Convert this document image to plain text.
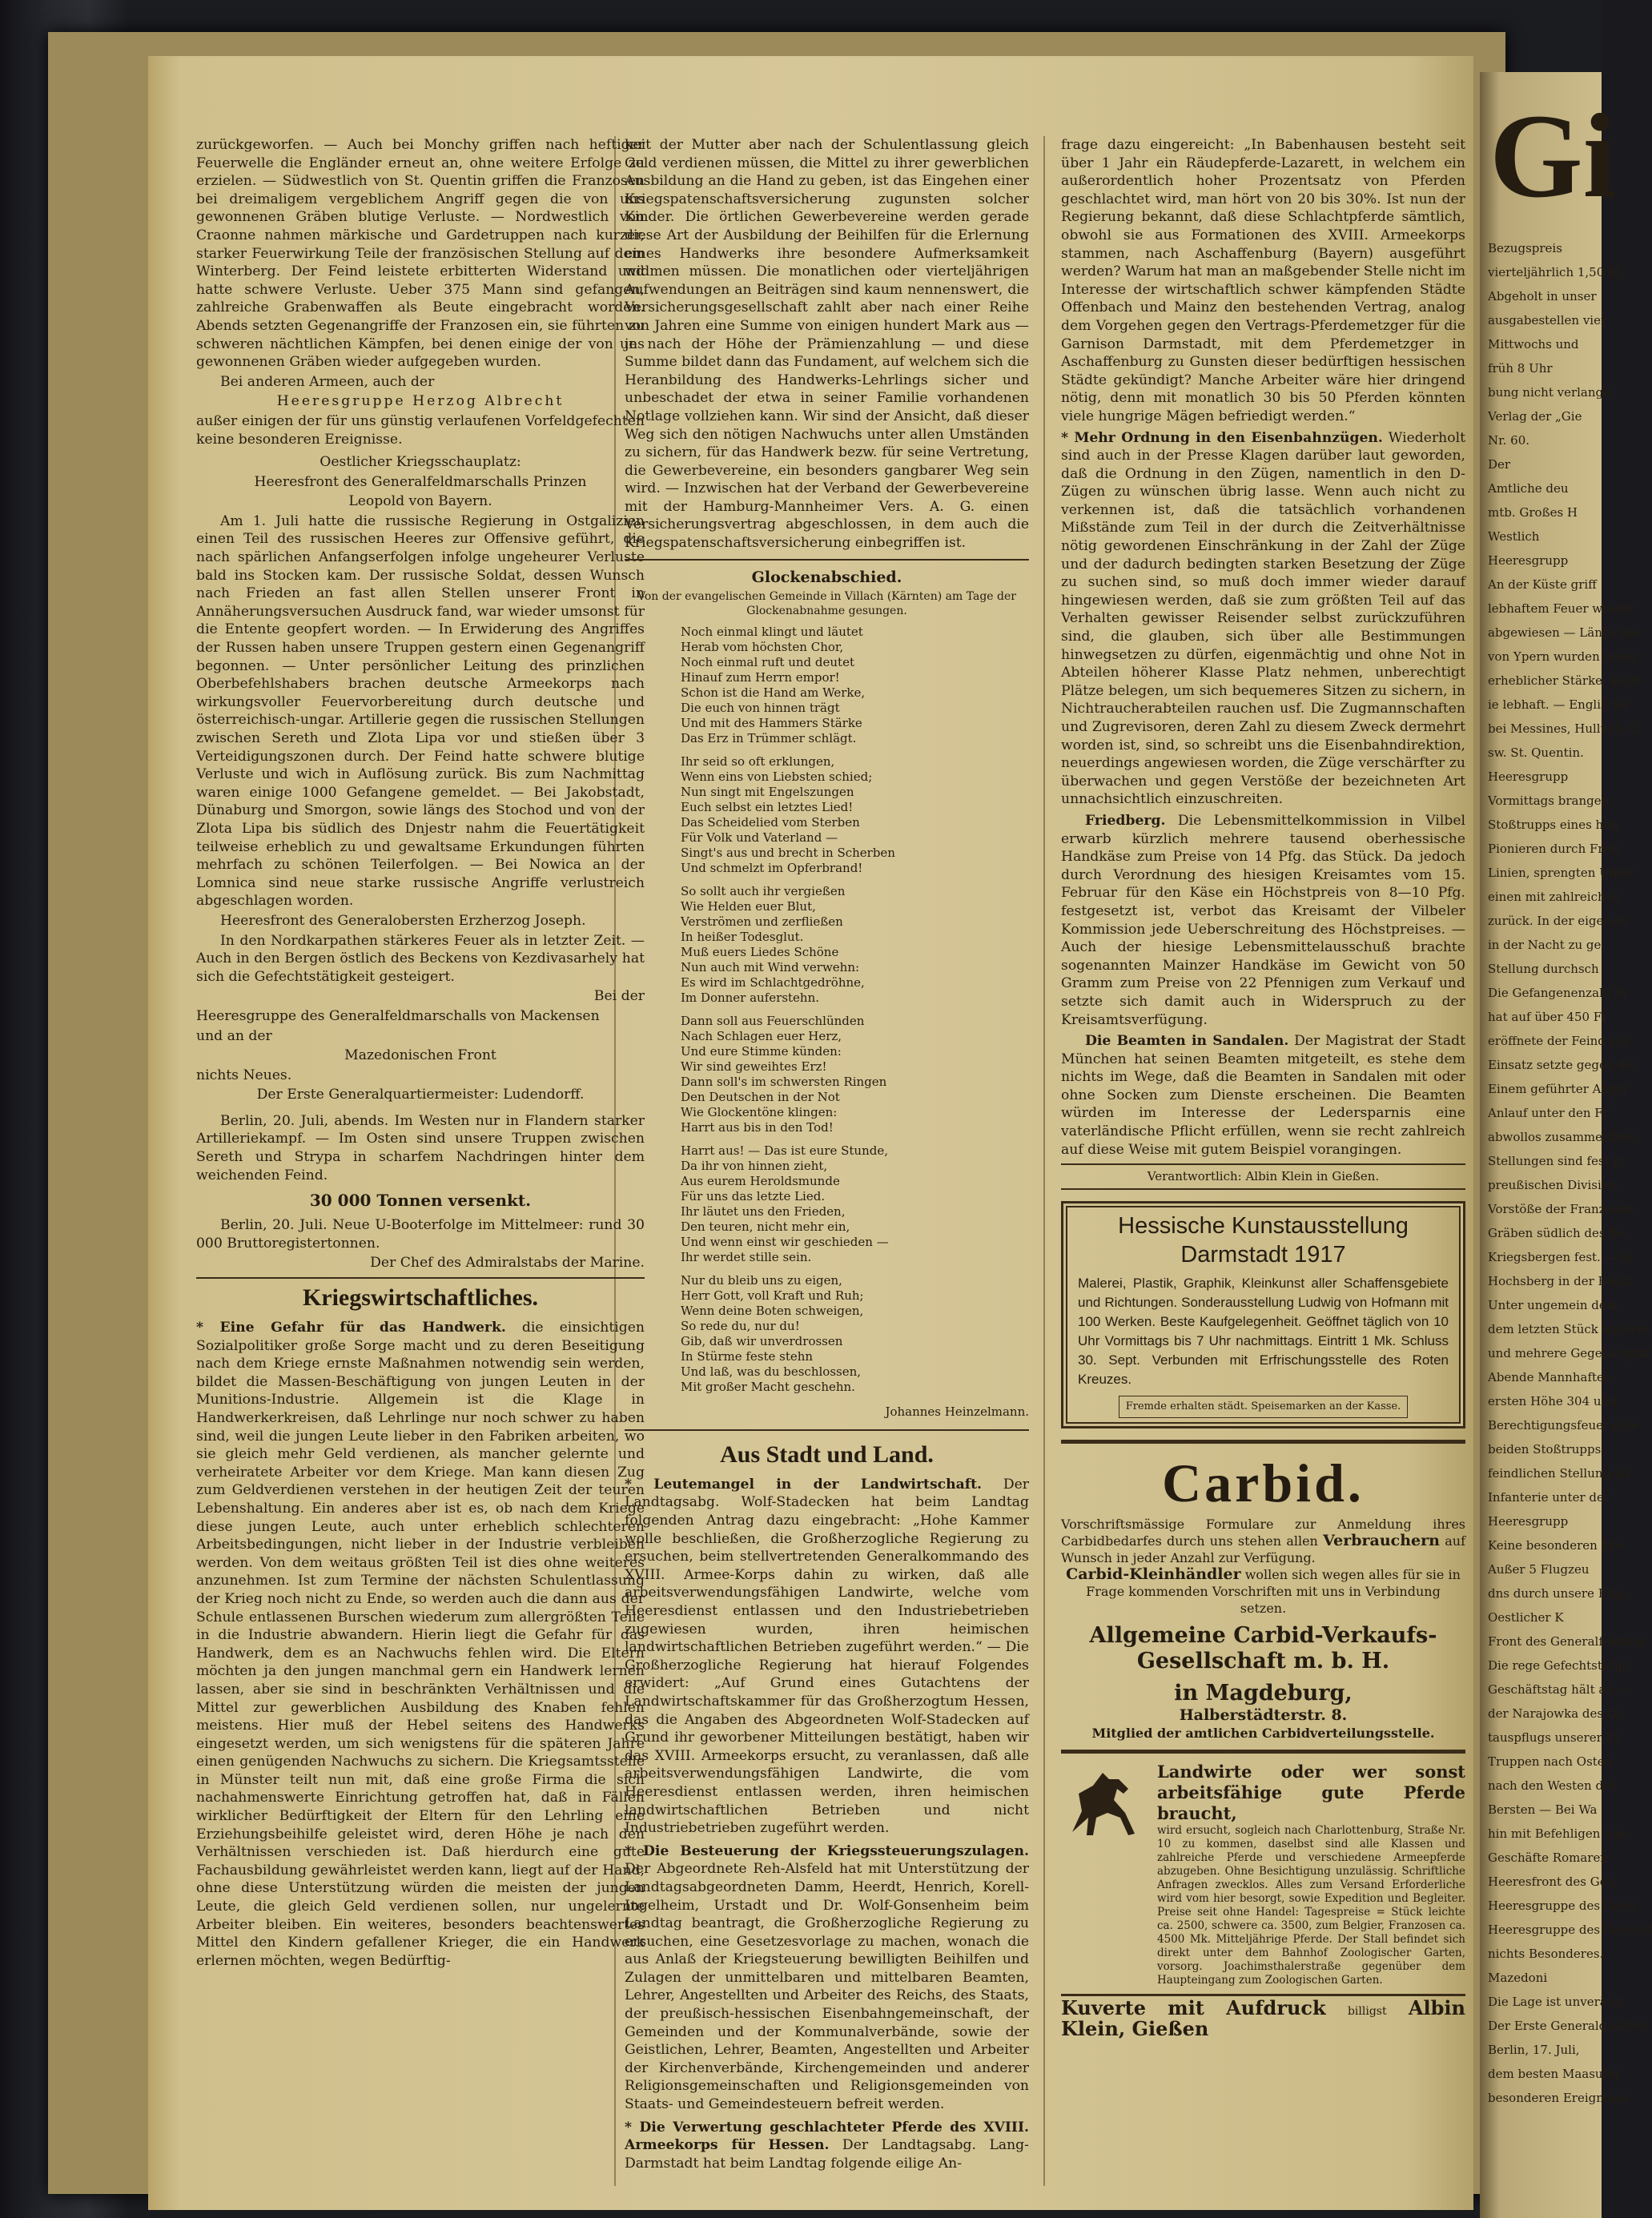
zurückgeworfen. — Auch bei Monchy griffen nach heftiger Feuerwelle die Engländer erneut an, ohne weitere Erfolge zu erzielen. — Südwestlich von St. Quentin griffen die Franzosen bei dreimaligem vergeblichem Angriff gegen die von uns gewonnenen Gräben blutige Verluste. — Nordwestlich von Craonne nahmen märkische und Gardetruppen nach kurzer, starker Feuerwirkung Teile der französischen Stellung auf dem Winterberg. Der Feind leistete erbitterten Widerstand und hatte schwere Verluste. Ueber 375 Mann sind gefangen, zahlreiche Grabenwaffen als Beute eingebracht worden. Abends setzten Gegenangriffe der Franzosen ein, sie führten zu schweren nächtlichen Kämpfen, bei denen einige der von uns gewonnenen Gräben wieder aufgegeben wurden.

Bei anderen Armeen, auch der

Heeresgruppe Herzog Albrecht

außer einigen der für uns günstig verlaufenen Vorfeldgefechten keine besonderen Ereignisse.

Oestlicher Kriegsschauplatz:

Heeresfront des Generalfeldmarschalls Prinzen

Leopold von Bayern.

Am 1. Juli hatte die russische Regierung in Ostgalizien einen Teil des russischen Heeres zur Offensive geführt, die nach spärlichen Anfangserfolgen infolge ungeheurer Verluste bald ins Stocken kam. Der russische Soldat, dessen Wunsch nach Frieden an fast allen Stellen unserer Front in Annäherungsversuchen Ausdruck fand, war wieder umsonst für die Entente geopfert worden. — In Erwiderung des Angriffes der Russen haben unsere Truppen gestern einen Gegenangriff begonnen. — Unter persönlicher Leitung des prinzlichen Oberbefehlshabers brachen deutsche Armeekorps nach wirkungsvoller Feuervorbereitung durch deutsche und österreichisch-ungar. Artillerie gegen die russischen Stellungen zwischen Sereth und Zlota Lipa vor und stießen über 3 Verteidigungszonen durch. Der Feind hatte schwere blutige Verluste und wich in Auflösung zurück. Bis zum Nachmittag waren einige 1000 Gefangene gemeldet. — Bei Jakobstadt, Dünaburg und Smorgon, sowie längs des Stochod und von der Zlota Lipa bis südlich des Dnjestr nahm die Feuertätigkeit teilweise erheblich zu und gewaltsame Erkundungen führten mehrfach zu schönen Teilerfolgen. — Bei Nowica an der Lomnica sind neue starke russische Angriffe verlustreich abgeschlagen worden.

Heeresfront des Generalobersten Erzherzog Joseph.

In den Nordkarpathen stärkeres Feuer als in letzter Zeit. — Auch in den Bergen östlich des Beckens von Kezdivasarhely hat sich die Gefechtstätigkeit gesteigert.

Bei der

Heeresgruppe des Generalfeldmarschalls von Mackensen

und an der

Mazedonischen Front

nichts Neues.

Der Erste Generalquartiermeister: Ludendorff.

Berlin, 20. Juli, abends. Im Westen nur in Flandern starker Artilleriekampf. — Im Osten sind unsere Truppen zwischen Sereth und Strypa in scharfem Nachdringen hinter dem weichenden Feind.

30 000 Tonnen versenkt.

Berlin, 20. Juli. Neue U-Booterfolge im Mittelmeer: rund 30 000 Bruttoregistertonnen.

Der Chef des Admiralstabs der Marine.

Kriegswirtschaftliches.

* Eine Gefahr für das Handwerk. die einsichtigen Sozialpolitiker große Sorge macht und zu deren Beseitigung nach dem Kriege ernste Maßnahmen notwendig sein werden, bildet die Massen-Beschäftigung von jungen Leuten in der Munitions-Industrie. Allgemein ist die Klage in Handwerkerkreisen, daß Lehrlinge nur noch schwer zu haben sind, weil die jungen Leute lieber in den Fabriken arbeiten, wo sie gleich mehr Geld verdienen, als mancher gelernte und verheiratete Arbeiter vor dem Kriege. Man kann diesen Zug zum Geldverdienen verstehen in der heutigen Zeit der teuren Lebenshaltung. Ein anderes aber ist es, ob nach dem Kriege diese jungen Leute, auch unter erheblich schlechteren Arbeitsbedingungen, nicht lieber in der Industrie verbleiben werden. Von dem weitaus größten Teil ist dies ohne weiteres anzunehmen. Ist zum Termine der nächsten Schulentlassung der Krieg noch nicht zu Ende, so werden auch die dann aus der Schule entlassenen Burschen wiederum zum allergrößten Teile in die Industrie abwandern. Hierin liegt die Gefahr für das Handwerk, dem es an Nachwuchs fehlen wird. Die Eltern möchten ja den jungen manchmal gern ein Handwerk lernen lassen, aber sie sind in beschränkten Verhältnissen und die Mittel zur gewerblichen Ausbildung des Knaben fehlen meistens. Hier muß der Hebel seitens des Handwerks eingesetzt werden, um sich wenigstens für die späteren Jahre einen genügenden Nachwuchs zu sichern. Die Kriegsamtsstelle in Münster teilt nun mit, daß eine große Firma die sich nachahmenswerte Einrichtung getroffen hat, daß in Fällen wirklicher Bedürftigkeit der Eltern für den Lehrling eine Erziehungsbeihilfe geleistet wird, deren Höhe je nach den Verhältnissen verschieden ist. Daß hierdurch eine gute Fachausbildung gewährleistet werden kann, liegt auf der Hand, ohne diese Unterstützung würden die meisten der jungen Leute, die gleich Geld verdienen sollen, nur ungelernte Arbeiter bleiben. Ein weiteres, besonders beachtenswertes Mittel den Kindern gefallener Krieger, die ein Handwerk erlernen möchten, wegen Bedürftig-

keit der Mutter aber nach der Schulentlassung gleich Geld verdienen müssen, die Mittel zu ihrer gewerblichen Ausbildung an die Hand zu geben, ist das Eingehen einer Kriegspatenschaftsversicherung zugunsten solcher Kinder. Die örtlichen Gewerbevereine werden gerade diese Art der Ausbildung der Beihilfen für die Erlernung eines Handwerks ihre besondere Aufmerksamkeit widmen müssen. Die monatlichen oder vierteljährigen Aufwendungen an Beiträgen sind kaum nennenswert, die Versicherungsgesellschaft zahlt aber nach einer Reihe von Jahren eine Summe von einigen hundert Mark aus — je nach der Höhe der Prämienzahlung — und diese Summe bildet dann das Fundament, auf welchem sich die Heranbildung des Handwerks-Lehrlings sicher und unbeschadet der etwa in seiner Familie vorhandenen Notlage vollziehen kann. Wir sind der Ansicht, daß dieser Weg sich den nötigen Nachwuchs unter allen Umständen zu sichern, für das Handwerk bezw. für seine Vertretung, die Gewerbevereine, ein besonders gangbarer Weg sein wird. — Inzwischen hat der Verband der Gewerbevereine mit der Hamburg-Mannheimer Vers. A. G. einen Versicherungsvertrag abgeschlossen, in dem auch die Kriegspatenschaftsversicherung einbegriffen ist.

Glockenabschied.
Von der evangelischen Gemeinde in Villach (Kärnten) am Tage der Glockenabnahme gesungen.
Noch einmal klingt und läutet
Herab vom höchsten Chor,
Noch einmal ruft und deutet
Hinauf zum Herrn empor!
Schon ist die Hand am Werke,
Die euch von hinnen trägt
Und mit des Hammers Stärke
Das Erz in Trümmer schlägt.
Ihr seid so oft erklungen,
Wenn eins von Liebsten schied;
Nun singt mit Engelszungen
Euch selbst ein letztes Lied!
Das Scheidelied vom Sterben
Für Volk und Vaterland —
Singt's aus und brecht in Scherben
Und schmelzt im Opferbrand!
So sollt auch ihr vergießen
Wie Helden euer Blut,
Verströmen und zerfließen
In heißer Todesglut.
Muß euers Liedes Schöne
Nun auch mit Wind verwehn:
Es wird im Schlachtgedröhne,
Im Donner auferstehn.
Dann soll aus Feuerschlünden
Nach Schlagen euer Herz,
Und eure Stimme künden:
Wir sind geweihtes Erz!
Dann soll's im schwersten Ringen
Den Deutschen in der Not
Wie Glockentöne klingen:
Harrt aus bis in den Tod!
Harrt aus! — Das ist eure Stunde,
Da ihr von hinnen zieht,
Aus eurem Heroldsmunde
Für uns das letzte Lied.
Ihr läutet uns den Frieden,
Den teuren, nicht mehr ein,
Und wenn einst wir geschieden —
Ihr werdet stille sein.
Nur du bleib uns zu eigen,
Herr Gott, voll Kraft und Ruh;
Wenn deine Boten schweigen,
So rede du, nur du!
Gib, daß wir unverdrossen
In Stürme feste stehn
Und laß, was du beschlossen,
Mit großer Macht geschehn.
Johannes Heinzelmann.
Aus Stadt und Land.

* Leutemangel in der Landwirtschaft. Der Landtagsabg. Wolf-Stadecken hat beim Landtag folgenden Antrag dazu eingebracht: „Hohe Kammer wolle beschließen, die Großherzogliche Regierung zu ersuchen, beim stellvertretenden Generalkommando des XVIII. Armee-Korps dahin zu wirken, daß alle arbeitsverwendungsfähigen Landwirte, welche vom Heeresdienst entlassen und den Industriebetrieben zugewiesen wurden, ihren heimischen landwirtschaftlichen Betrieben zugeführt werden.“ — Die Großherzogliche Regierung hat hierauf Folgendes erwidert: „Auf Grund eines Gutachtens der Landwirtschaftskammer für das Großherzogtum Hessen, das die Angaben des Abgeordneten Wolf-Stadecken auf Grund ihr geworbener Mitteilungen bestätigt, haben wir das XVIII. Armeekorps ersucht, zu veranlassen, daß alle arbeitsverwendungsfähigen Landwirte, die vom Heeresdienst entlassen werden, ihren heimischen landwirtschaftlichen Betrieben und nicht Industriebetrieben zugeführt werden.

* Die Besteuerung der Kriegssteuerungszulagen. Der Abgeordnete Reh-Alsfeld hat mit Unterstützung der Landtagsabgeordneten Damm, Heerdt, Henrich, Korell-Ingelheim, Urstadt und Dr. Wolf-Gonsenheim beim Landtag beantragt, die Großherzogliche Regierung zu ersuchen, eine Gesetzesvorlage zu machen, wonach die aus Anlaß der Kriegsteuerung bewilligten Beihilfen und Zulagen der unmittelbaren und mittelbaren Beamten, Lehrer, Angestellten und Arbeiter des Reichs, des Staats, der preußisch-hessischen Eisenbahngemeinschaft, der Gemeinden und der Kommunalverbände, sowie der Geistlichen, Lehrer, Beamten, Angestellten und Arbeiter der Kirchenverbände, Kirchengemeinden und anderer Religionsgemeinschaften und Religionsgemeinden von Staats- und Gemeindesteuern befreit werden.

* Die Verwertung geschlachteter Pferde des XVIII. Armeekorps für Hessen. Der Landtagsabg. Lang-Darmstadt hat beim Landtag folgende eilige An-

frage dazu eingereicht: „In Babenhausen besteht seit über 1 Jahr ein Räudepferde-Lazarett, in welchem ein außerordentlich hoher Prozentsatz von Pferden geschlachtet wird, man hört von 20 bis 30%. Ist nun der Regierung bekannt, daß diese Schlachtpferde sämtlich, obwohl sie aus Formationen des XVIII. Armeekorps stammen, nach Aschaffenburg (Bayern) ausgeführt werden? Warum hat man an maßgebender Stelle nicht im Interesse der wirtschaftlich schwer kämpfenden Städte Offenbach und Mainz den bestehenden Vertrag, analog dem Vorgehen gegen den Vertrags-Pferdemetzger für die Garnison Darmstadt, mit dem Pferdemetzger in Aschaffenburg zu Gunsten dieser bedürftigen hessischen Städte gekündigt? Manche Arbeiter wäre hier dringend nötig, denn mit monatlich 30 bis 50 Pferden könnten viele hungrige Mägen befriedigt werden.“

* Mehr Ordnung in den Eisenbahnzügen. Wiederholt sind auch in der Presse Klagen darüber laut geworden, daß die Ordnung in den Zügen, namentlich in den D-Zügen zu wünschen übrig lasse. Wenn auch nicht zu verkennen ist, daß die tatsächlich vorhandenen Mißstände zum Teil in der durch die Zeitverhältnisse nötig gewordenen Einschränkung in der Zahl der Züge und der dadurch bedingten starken Besetzung der Züge zu suchen sind, so muß doch immer wieder darauf hingewiesen werden, daß sie zum größten Teil auf das Verhalten gewisser Reisender selbst zurückzuführen sind, die glauben, sich über alle Bestimmungen hinwegsetzen zu dürfen, eigenmächtig und ohne Not in Abteilen höherer Klasse Platz nehmen, unberechtigt Plätze belegen, um sich bequemeres Sitzen zu sichern, in Nichtraucherabteilen rauchen usf. Die Zugmannschaften und Zugrevisoren, deren Zahl zu diesem Zweck dermehrt worden ist, sind, so schreibt uns die Eisenbahndirektion, neuerdings angewiesen worden, die Züge verschärfter zu überwachen und gegen Verstöße der bezeichneten Art unnachsichtlich einzuschreiten.

Friedberg. Die Lebensmittelkommission in Vilbel erwarb kürzlich mehrere tausend oberhessische Handkäse zum Preise von 14 Pfg. das Stück. Da jedoch durch Verordnung des hiesigen Kreisamtes vom 15. Februar für den Käse ein Höchstpreis von 8—10 Pfg. festgesetzt ist, verbot das Kreisamt der Vilbeler Kommission jede Ueberschreitung des Höchstpreises. — Auch der hiesige Lebensmittelausschuß brachte sogenannten Mainzer Handkäse im Gewicht von 50 Gramm zum Preise von 22 Pfennigen zum Verkauf und setzte sich damit auch in Widerspruch zu der Kreisamtsverfügung.

Die Beamten in Sandalen. Der Magistrat der Stadt München hat seinen Beamten mitgeteilt, es stehe dem nichts im Wege, daß die Beamten in Sandalen mit oder ohne Socken zum Dienste erscheinen. Die Beamten würden im Interesse der Ledersparnis eine vaterländische Pflicht erfüllen, wenn sie recht zahlreich auf diese Weise mit gutem Beispiel vorangingen.

Verantwortlich: Albin Klein in Gießen.
Hessische Kunstausstellung
Darmstadt 1917
Malerei, Plastik, Graphik, Kleinkunst aller Schaffensgebiete und Richtungen. Sonderausstellung Ludwig von Hofmann mit 100 Werken. Beste Kaufgelegenheit. Geöffnet täglich von 10 Uhr Vormittags bis 7 Uhr nachmittags. Eintritt 1 Mk. Schluss 30. Sept. Verbunden mit Erfrischungsstelle des Roten Kreuzes.
Fremde erhalten städt. Speisemarken an der Kasse.
Carbid.
Vorschriftsmässige Formulare zur Anmeldung ihres Carbidbedarfes durch uns stehen allen Verbrauchern auf Wunsch in jeder Anzahl zur Verfügung.
Carbid-Kleinhändler wollen sich wegen alles für sie in Frage kommenden Vorschriften mit uns in Verbindung setzen.
Allgemeine Carbid-Verkaufs-Gesellschaft m. b. H.
in Magdeburg,
Halberstädterstr. 8.
Mitglied der amtlichen Carbidverteilungsstelle.
Landwirte oder wer sonst arbeitsfähige gute Pferde braucht,
wird ersucht, sogleich nach Charlottenburg, Straße Nr. 10 zu kommen, daselbst sind alle Klassen und zahlreiche Pferde und verschiedene Armeepferde abzugeben. Ohne Besichtigung unzulässig. Schriftliche Anfragen zwecklos. Alles zum Versand Erforderliche wird vom hier besorgt, sowie Expedition und Begleiter. Preise seit ohne Handel: Tagespreise = Stück leichte ca. 2500, schwere ca. 3500, zum Belgier, Franzosen ca. 4500 Mk. Mitteljährige Pferde. Der Stall befindet sich direkt unter dem Bahnhof Zoologischer Garten, vorsorg. Joachimsthalerstraße gegenüber dem Haupteingang zum Zoologischen Garten.
Kuverte mit Aufdruck billigst Albin Klein, Gießen
Gi
Bezugspreis
vierteljährlich 1,50 M.
Abgeholt in unser
ausgabestellen vier
Mittwochs und
früh 8 Uhr
bung nicht verlange
Verlag der „Gie
Nr. 60.
Der
Amtliche deu
mtb. Großes H
Westlich
Heeresgrupp
An der Küste griff
lebhaftem Feuer wieder
abgewiesen — Längs des
von Ypern wurden unser
erheblicher Stärke; auch
ie lebhaft. — Englische
bei Messines, Hulluch, G
sw. St. Quentin.
Heeresgrupp
Vormittags brangen
Stoßtrupps eines han
Pionieren durch Fran
Linien, sprengten Unter
einen mit zahlreichen
zurück. In der eigenen
in der Nacht zu ge
Stellung durchsch
Die Gefangenenzahl in
hat auf über 450 Fr
eröffnete der Feind sch
Einsatz setzte gegen die
Einem geführter Angri
Anlauf unter den Fr
abwollos zusammenbrec
Stellungen sind fest in
preußischen Division.
Vorstöße der Franzosen
Gräben südlich des Bo
Kriegsbergen fest. — In
Hochsberg in der Beick
Unter ungemein dem
dem letzten Stück unseres
und mehrere Gegenangriff
Abende Mannhaftes
ersten Höhe 304 und
Berechtigungsfeuer eine
beiden Stoßtrupps
feindlichen Stellung ab
Infanterie unter der
Heeresgrupp
Keine besonderen Ere
Außer 5 Flugzeu
dns durch unsere Flug
Oestlicher K
Front des Generalfeldmar
Die rege Gefechtstätig
Geschäftstag hält an —
der Narajowka des Gr
tauspflugs unserer Ei
Truppen nach Osten
nach den Westen der
Bersten — Bei Wa
hin mit Befehligen wie
Geschäfte Romaren
Heeresfront des Gen
Heeresgruppe des Gene
Heeresgruppe des General
nichts Besonderes.
Mazedoni
Die Lage ist unveränd
Der Erste Generalquartier
Berlin, 17. Juli,
dem besten Maasufer
besonderen Ereignisse.
